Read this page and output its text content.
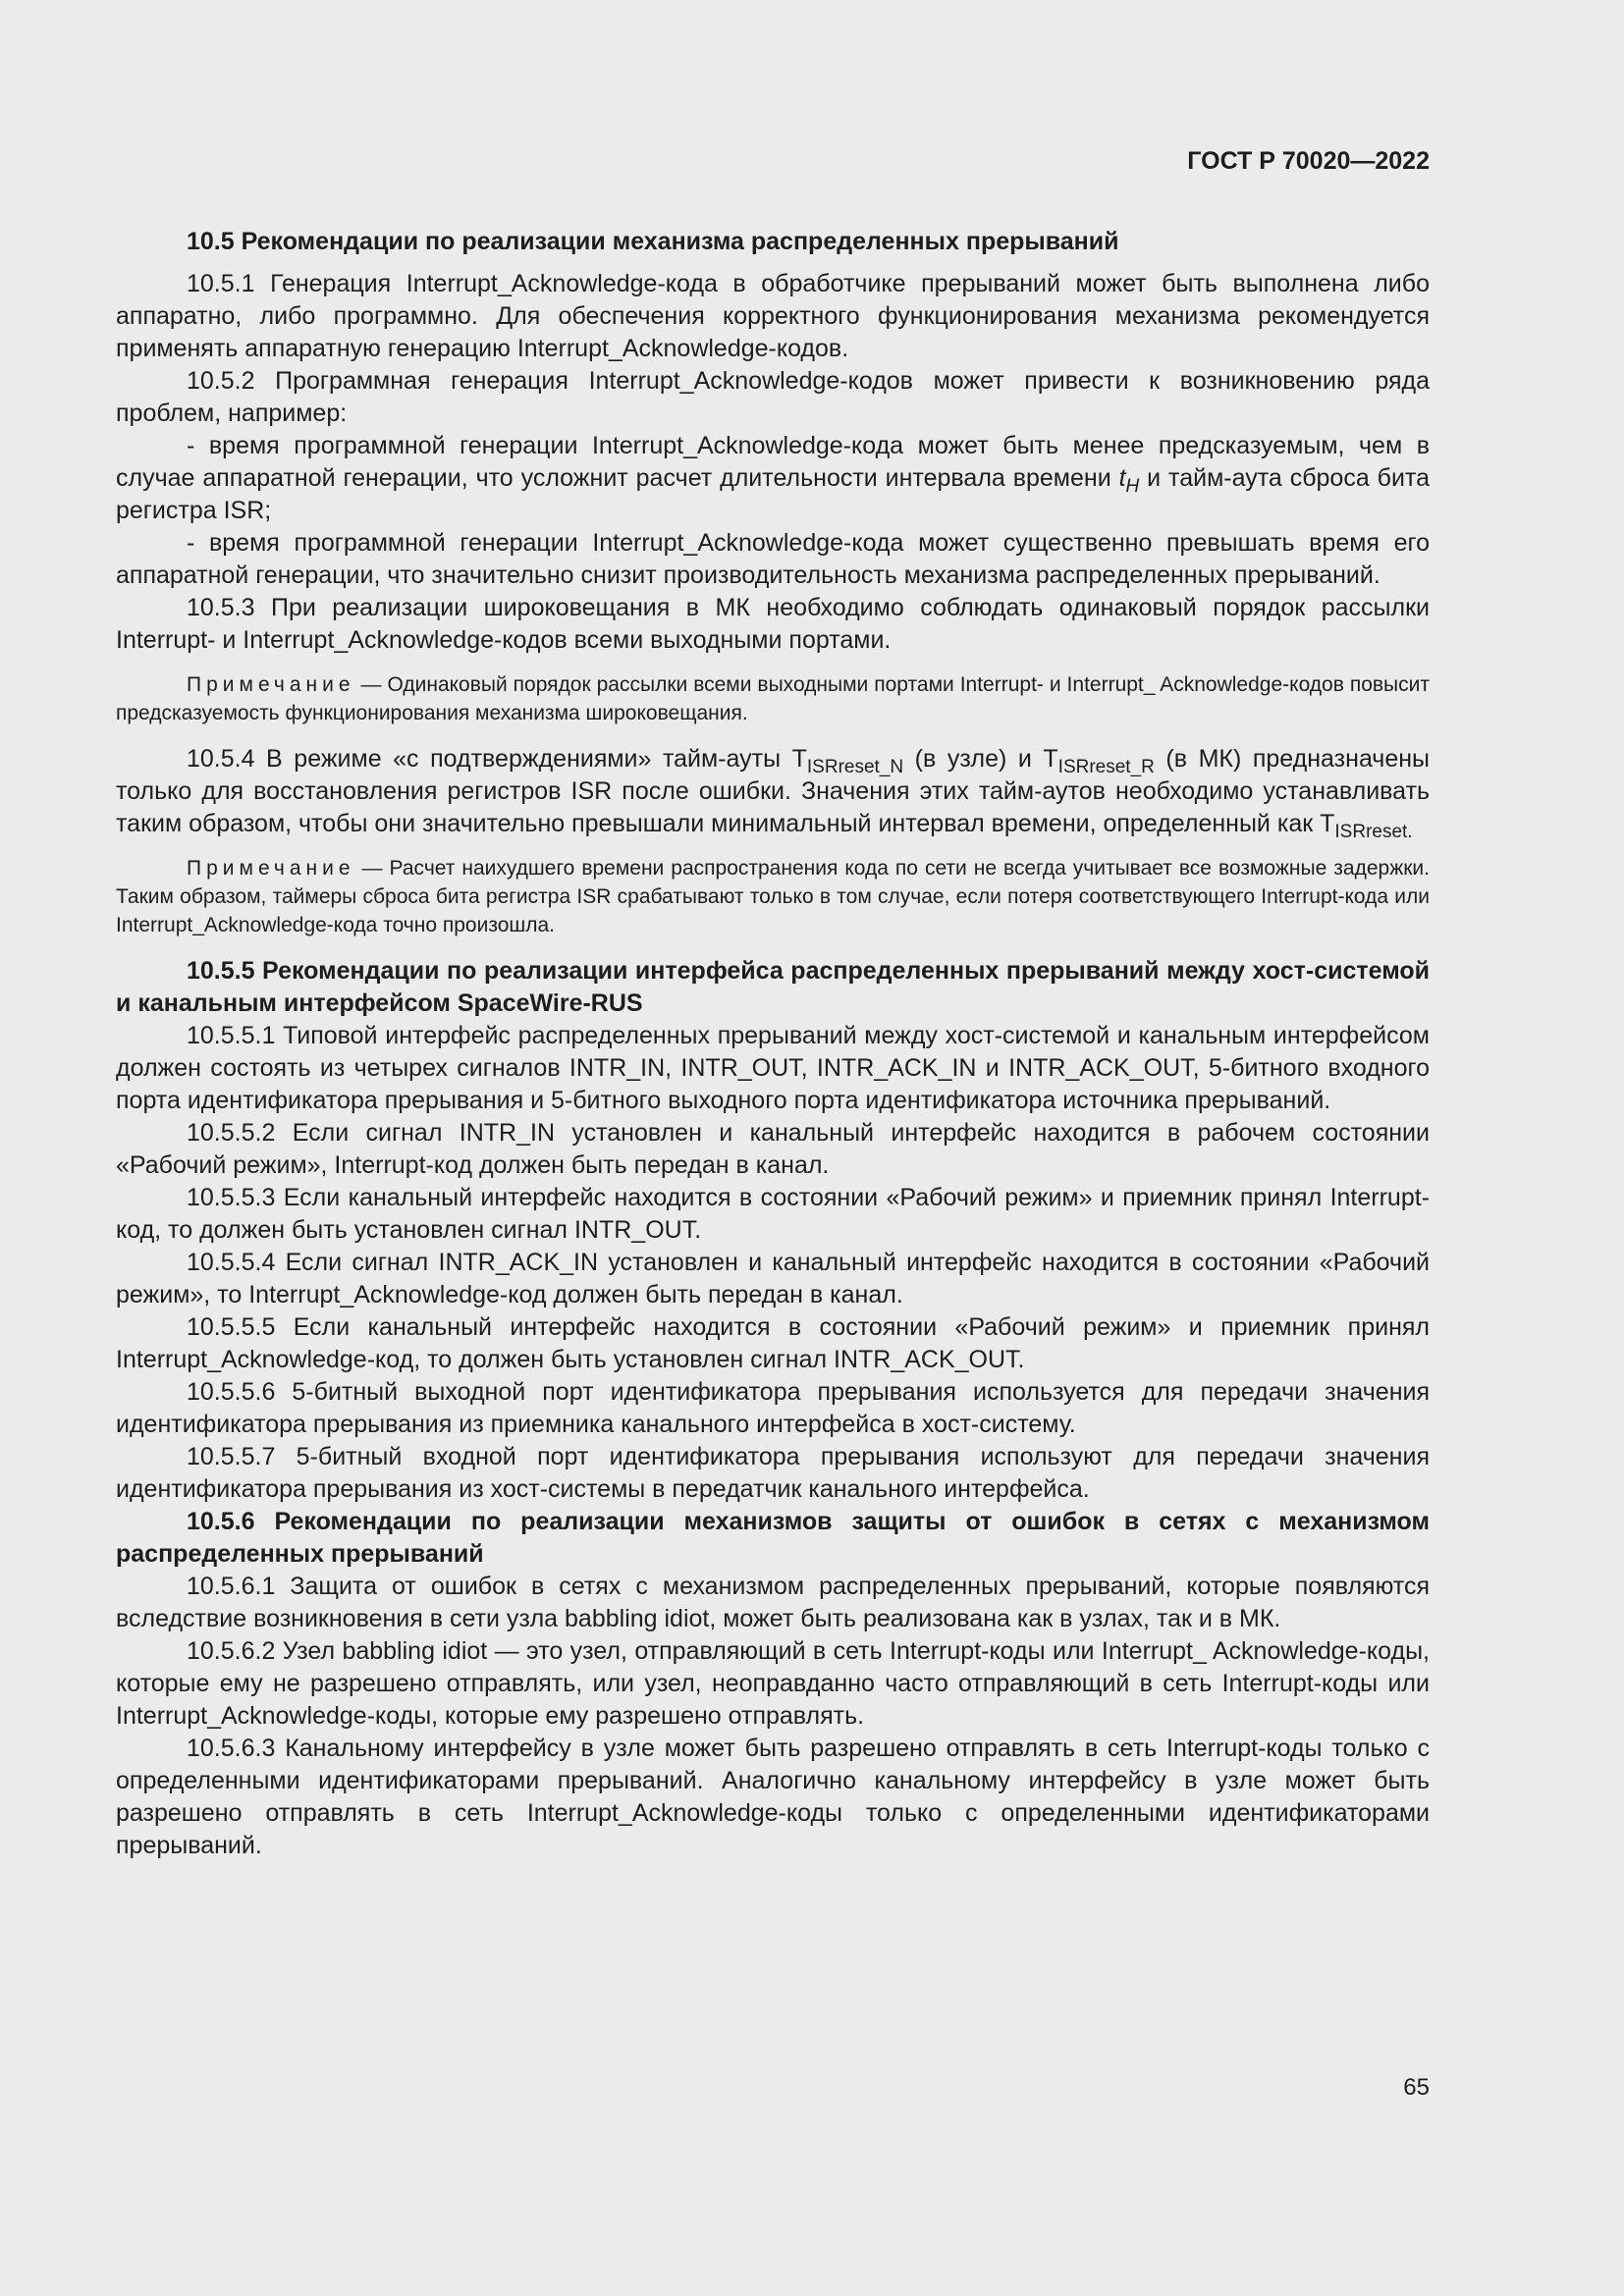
ГОСТ Р 70020—2022

10.5 Рекомендации по реализации механизма распределенных прерываний

10.5.1 Генерация Interrupt_Acknowledge-кода в обработчике прерываний может быть выполнена либо аппаратно, либо программно. Для обеспечения корректного функционирования механизма рекомендуется применять аппаратную генерацию Interrupt_Acknowledge-кодов.

10.5.2 Программная генерация Interrupt_Acknowledge-кодов может привести к возникновению ряда проблем, например:

- время программной генерации Interrupt_Acknowledge-кода может быть менее предсказуемым, чем в случае аппаратной генерации, что усложнит расчет длительности интервала времени $t_H$ и тайм-аута сброса бита регистра ISR;

- время программной генерации Interrupt_Acknowledge-кода может существенно превышать время его аппаратной генерации, что значительно снизит производительность механизма распределенных прерываний.

10.5.3 При реализации широковещания в МК необходимо соблюдать одинаковый порядок рассылки Interrupt- и Interrupt_Acknowledge-кодов всеми выходными портами.

Примечание — Одинаковый порядок рассылки всеми выходными портами Interrupt- и Interrupt_ Acknowledge-кодов повысит предсказуемость функционирования механизма широковещания.

10.5.4 В режиме «с подтверждениями» тайм-ауты $T_{ISRreset\_N}$ (в узле) и $T_{ISRreset\_R}$ (в МК) предназначены только для восстановления регистров ISR после ошибки. Значения этих тайм-аутов необходимо устанавливать таким образом, чтобы они значительно превышали минимальный интервал времени, определенный как $T_{ISRreset.}$

Примечание — Расчет наихудшего времени распространения кода по сети не всегда учитывает все возможные задержки. Таким образом, таймеры сброса бита регистра ISR срабатывают только в том случае, если потеря соответствующего Interrupt-кода или Interrupt_Acknowledge-кода точно произошла.

10.5.5 Рекомендации по реализации интерфейса распределенных прерываний между хост-системой и канальным интерфейсом SpaceWire-RUS

10.5.5.1 Типовой интерфейс распределенных прерываний между хост-системой и канальным интерфейсом должен состоять из четырех сигналов INTR_IN, INTR_OUT, INTR_ACK_IN и INTR_ACK_OUT, 5-битного входного порта идентификатора прерывания и 5-битного выходного порта идентификатора источника прерываний.

10.5.5.2 Если сигнал INTR_IN установлен и канальный интерфейс находится в рабочем состоянии «Рабочий режим», Interrupt-код должен быть передан в канал.

10.5.5.3 Если канальный интерфейс находится в состоянии «Рабочий режим» и приемник принял Interrupt-код, то должен быть установлен сигнал INTR_OUT.

10.5.5.4 Если сигнал INTR_ACK_IN установлен и канальный интерфейс находится в состоянии «Рабочий режим», то Interrupt_Acknowledge-код должен быть передан в канал.

10.5.5.5 Если канальный интерфейс находится в состоянии «Рабочий режим» и приемник принял Interrupt_Acknowledge-код, то должен быть установлен сигнал INTR_ACK_OUT.

10.5.5.6 5-битный выходной порт идентификатора прерывания используется для передачи значения идентификатора прерывания из приемника канального интерфейса в хост-систему.

10.5.5.7 5-битный входной порт идентификатора прерывания используют для передачи значения идентификатора прерывания из хост-системы в передатчик канального интерфейса.

10.5.6 Рекомендации по реализации механизмов защиты от ошибок в сетях с механизмом распределенных прерываний

10.5.6.1 Защита от ошибок в сетях с механизмом распределенных прерываний, которые появляются вследствие возникновения в сети узла babbling idiot, может быть реализована как в узлах, так и в МК.

10.5.6.2 Узел babbling idiot — это узел, отправляющий в сеть Interrupt-коды или Interrupt_ Acknowledge-коды, которые ему не разрешено отправлять, или узел, неоправданно часто отправляющий в сеть Interrupt-коды или Interrupt_Acknowledge-коды, которые ему разрешено отправлять.

10.5.6.3 Канальному интерфейсу в узле может быть разрешено отправлять в сеть Interrupt-коды только с определенными идентификаторами прерываний. Аналогично канальному интерфейсу в узле может быть разрешено отправлять в сеть Interrupt_Acknowledge-коды только с определенными идентификаторами прерываний.

65
